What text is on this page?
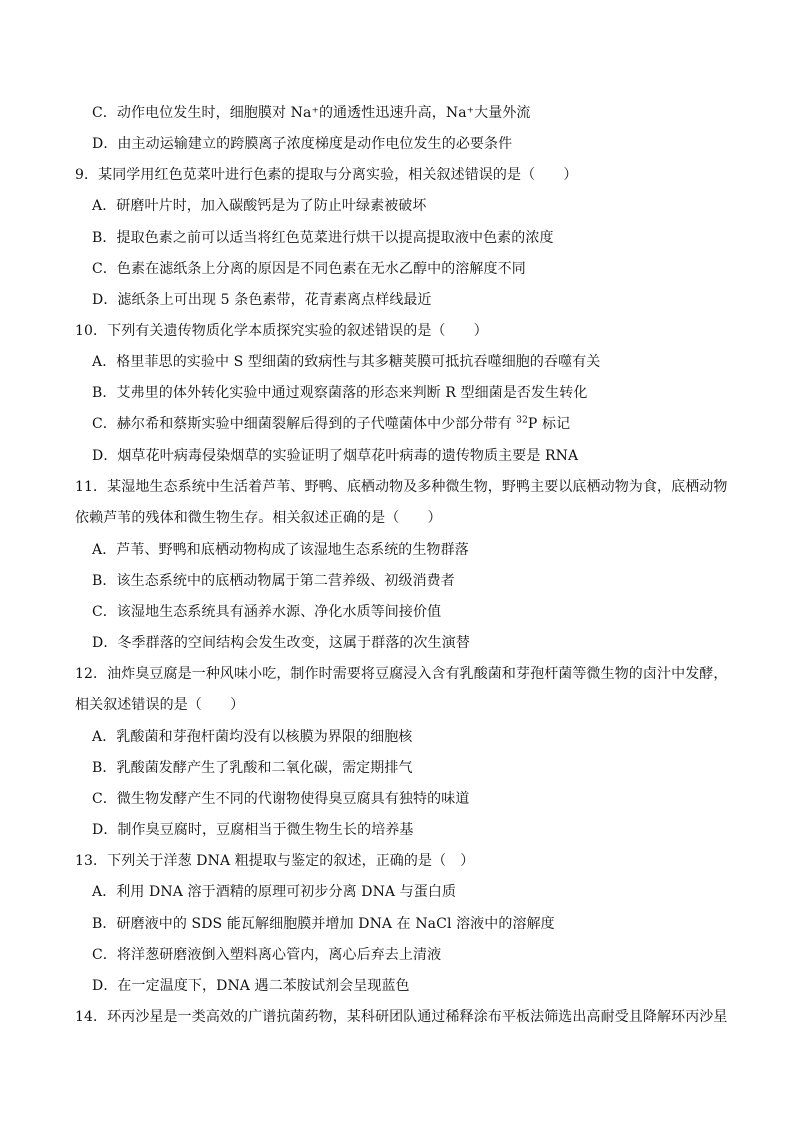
C．动作电位发生时，细胞膜对 Na⁺的通透性迅速升高，Na⁺大量外流
D．由主动运输建立的跨膜离子浓度梯度是动作电位发生的必要条件
9．某同学用红色苋菜叶进行色素的提取与分离实验，相关叙述错误的是（　　）
A．研磨叶片时，加入碳酸钙是为了防止叶绿素被破坏
B．提取色素之前可以适当将红色苋菜进行烘干以提高提取液中色素的浓度
C．色素在滤纸条上分离的原因是不同色素在无水乙醇中的溶解度不同
D．滤纸条上可出现 5 条色素带，花青素离点样线最近
10．下列有关遗传物质化学本质探究实验的叙述错误的是（　　）
A．格里菲思的实验中 S 型细菌的致病性与其多糖荚膜可抵抗吞噬细胞的吞噬有关
B．艾弗里的体外转化实验中通过观察菌落的形态来判断 R 型细菌是否发生转化
C．赫尔希和蔡斯实验中细菌裂解后得到的子代噬菌体中少部分带有 $^{32}$P 标记
D．烟草花叶病毒侵染烟草的实验证明了烟草花叶病毒的遗传物质主要是 RNA
11．某湿地生态系统中生活着芦苇、野鸭、底栖动物及多种微生物，野鸭主要以底栖动物为食，底栖动物
依赖芦苇的残体和微生物生存。相关叙述正确的是（　　）
A．芦苇、野鸭和底栖动物构成了该湿地生态系统的生物群落
B．该生态系统中的底栖动物属于第二营养级、初级消费者
C．该湿地生态系统具有涵养水源、净化水质等间接价值
D．冬季群落的空间结构会发生改变，这属于群落的次生演替
12．油炸臭豆腐是一种风味小吃，制作时需要将豆腐浸入含有乳酸菌和芽孢杆菌等微生物的卤汁中发酵，
相关叙述错误的是（　　）
A．乳酸菌和芽孢杆菌均没有以核膜为界限的细胞核
B．乳酸菌发酵产生了乳酸和二氧化碳，需定期排气
C．微生物发酵产生不同的代谢物使得臭豆腐具有独特的味道
D．制作臭豆腐时，豆腐相当于微生物生长的培养基
13．下列关于洋葱 DNA 粗提取与鉴定的叙述，正确的是（　）
A．利用 DNA 溶于酒精的原理可初步分离 DNA 与蛋白质
B．研磨液中的 SDS 能瓦解细胞膜并增加 DNA 在 NaCl 溶液中的溶解度
C．将洋葱研磨液倒入塑料离心管内，离心后弃去上清液
D．在一定温度下，DNA 遇二苯胺试剂会呈现蓝色
14．环丙沙星是一类高效的广谱抗菌药物，某科研团队通过稀释涂布平板法筛选出高耐受且降解环丙沙星
